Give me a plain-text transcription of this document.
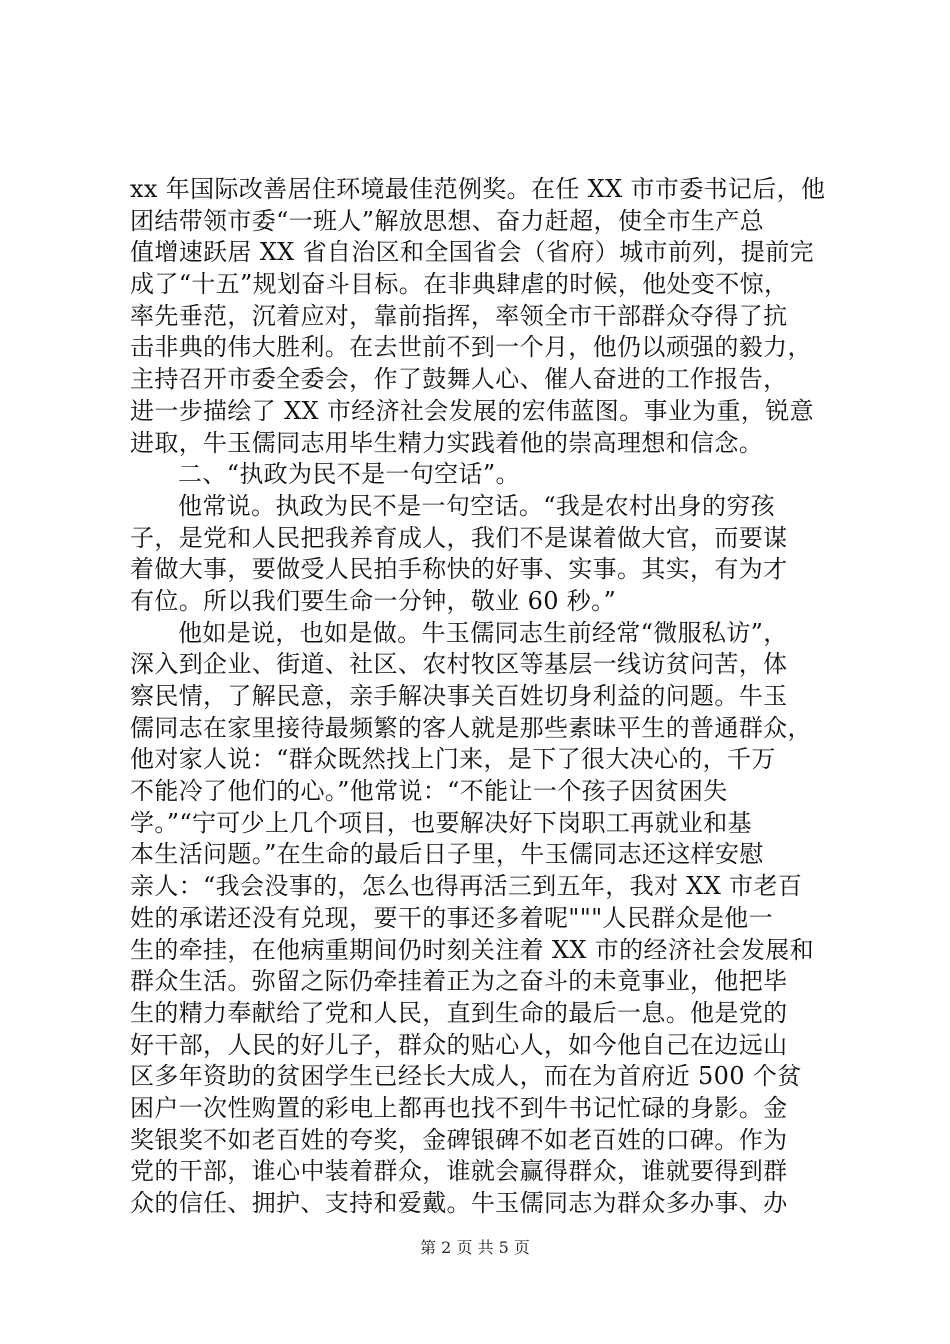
xx 年国际改善居住环境最佳范例奖。在任 XX 市市委书记后，他
团结带领市委“一班人”解放思想、奋力赶超，使全市生产总
值增速跃居 XX 省自治区和全国省会（省府）城市前列，提前完
成了“十五”规划奋斗目标。在非典肆虐的时候，他处变不惊，
率先垂范，沉着应对，靠前指挥，率领全市干部群众夺得了抗
击非典的伟大胜利。在去世前不到一个月，他仍以顽强的毅力，
主持召开市委全委会，作了鼓舞人心、催人奋进的工作报告，
进一步描绘了 XX 市经济社会发展的宏伟蓝图。事业为重，锐意
进取，牛玉儒同志用毕生精力实践着他的崇高理想和信念。
二、“执政为民不是一句空话”。
他常说。执政为民不是一句空话。“我是农村出身的穷孩
子，是党和人民把我养育成人，我们不是谋着做大官，而要谋
着做大事，要做受人民拍手称快的好事、实事。其实，有为才
有位。所以我们要生命一分钟，敬业 60 秒。”
他如是说，也如是做。牛玉儒同志生前经常“微服私访”，
深入到企业、街道、社区、农村牧区等基层一线访贫问苦，体
察民情，了解民意，亲手解决事关百姓切身利益的问题。牛玉
儒同志在家里接待最频繁的客人就是那些素昧平生的普通群众，
他对家人说：“群众既然找上门来，是下了很大决心的，千万
不能冷了他们的心。”他常说：“不能让一个孩子因贫困失
学。”“宁可少上几个项目，也要解决好下岗职工再就业和基
本生活问题。”在生命的最后日子里，牛玉儒同志还这样安慰
亲人：“我会没事的，怎么也得再活三到五年，我对 XX 市老百
姓的承诺还没有兑现，要干的事还多着呢"""人民群众是他一
生的牵挂，在他病重期间仍时刻关注着 XX 市的经济社会发展和
群众生活。弥留之际仍牵挂着正为之奋斗的未竟事业，他把毕
生的精力奉献给了党和人民，直到生命的最后一息。他是党的
好干部，人民的好儿子，群众的贴心人，如今他自己在边远山
区多年资助的贫困学生已经长大成人，而在为首府近 500 个贫
困户一次性购置的彩电上都再也找不到牛书记忙碌的身影。金
奖银奖不如老百姓的夸奖，金碑银碑不如老百姓的口碑。作为
党的干部，谁心中装着群众，谁就会赢得群众，谁就要得到群
众的信任、拥护、支持和爱戴。牛玉儒同志为群众多办事、办
第 2 页 共 5 页
